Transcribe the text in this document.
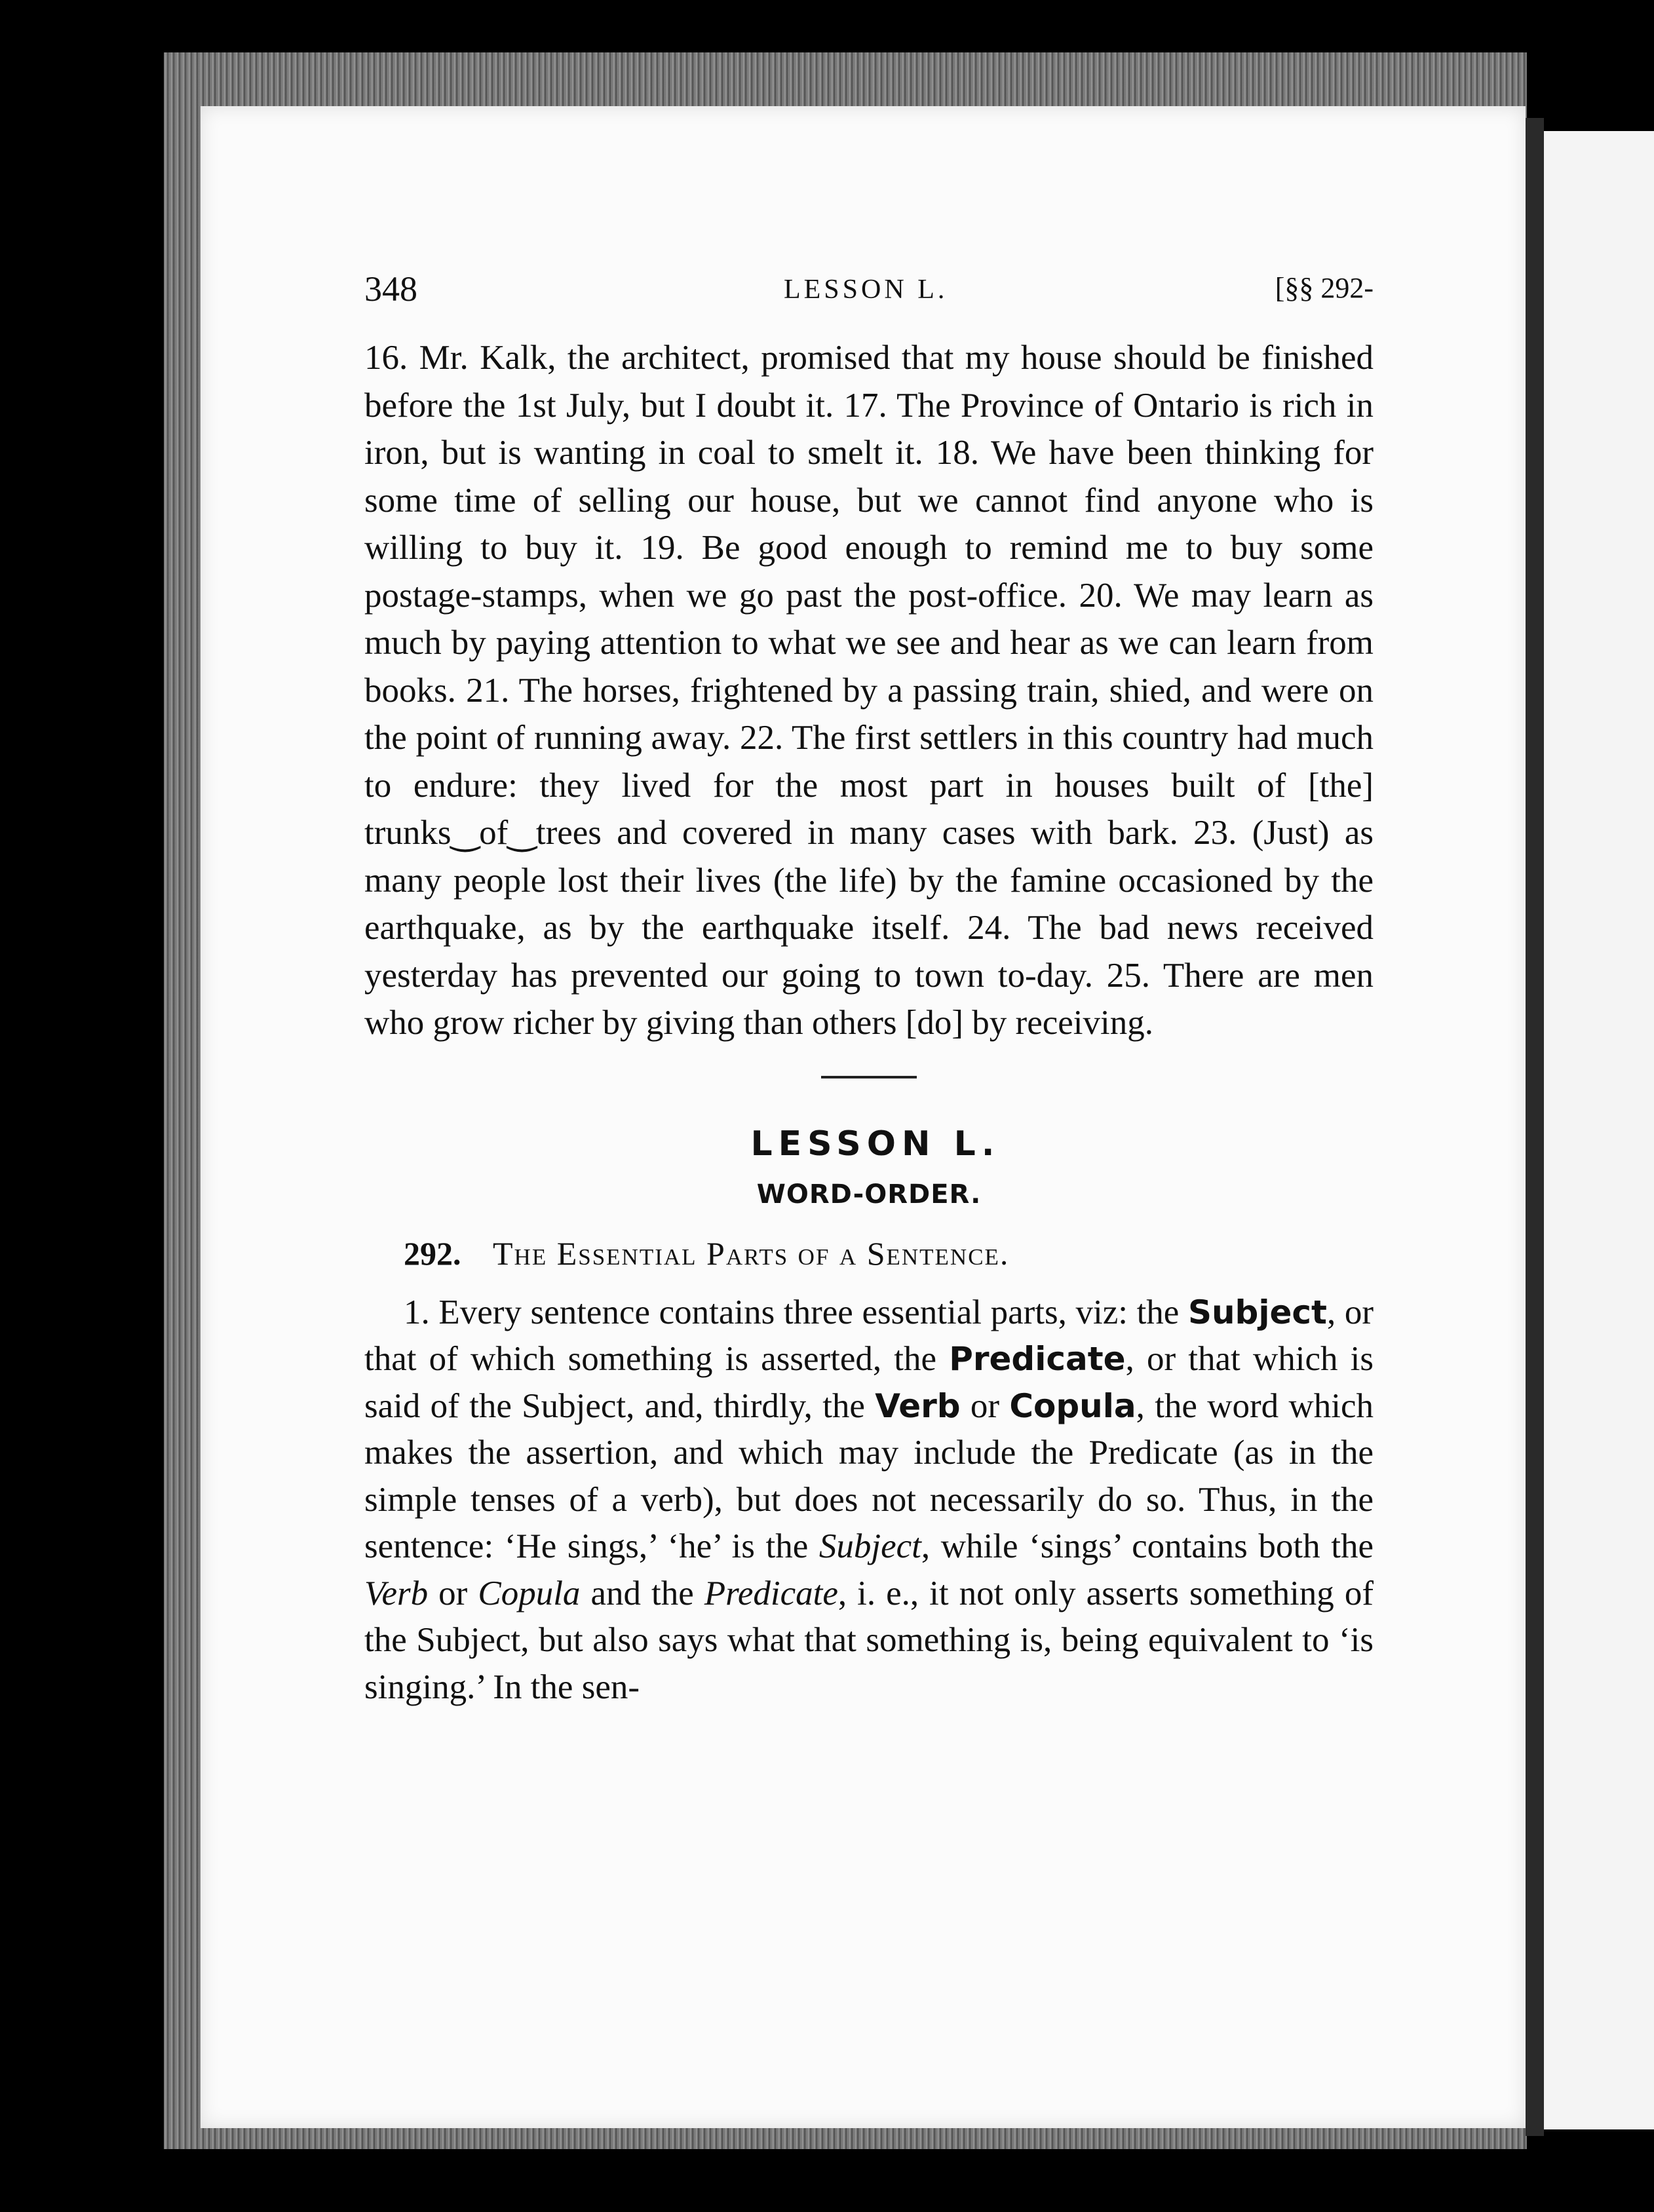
348	LESSON L.	[§§ 292-
16. Mr. Kalk, the architect, promised that my house should be finished before the 1st July, but I doubt it. 17. The Province of Ontario is rich in iron, but is wanting in coal to smelt it. 18. We have been thinking for some time of selling our house, but we cannot find anyone who is willing to buy it. 19. Be good enough to remind me to buy some postage-stamps, when we go past the post-office. 20. We may learn as much by paying attention to what we see and hear as we can learn from books. 21. The horses, frightened by a passing train, shied, and were on the point of running away. 22. The first settlers in this country had much to endure: they lived for the most part in houses built of [the] trunks‿of‿trees and covered in many cases with bark. 23. (Just) as many people lost their lives (the life) by the famine occasioned by the earthquake, as by the earthquake itself. 24. The bad news received yesterday has prevented our going to town to-day. 25. There are men who grow richer by giving than others [do] by receiving.
LESSON L.
WORD-ORDER.
292. The Essential Parts of a Sentence.
1. Every sentence contains three essential parts, viz: the Subject, or that of which something is asserted, the Predicate, or that which is said of the Subject, and, thirdly, the Verb or Copula, the word which makes the assertion, and which may include the Predicate (as in the simple tenses of a verb), but does not necessarily do so. Thus, in the sentence: ‘He sings,’ ‘he’ is the Subject, while ‘sings’ contains both the Verb or Copula and the Predicate, i. e., it not only asserts something of the Subject, but also says what that something is, being equivalent to ‘is singing.’ In the sen-
